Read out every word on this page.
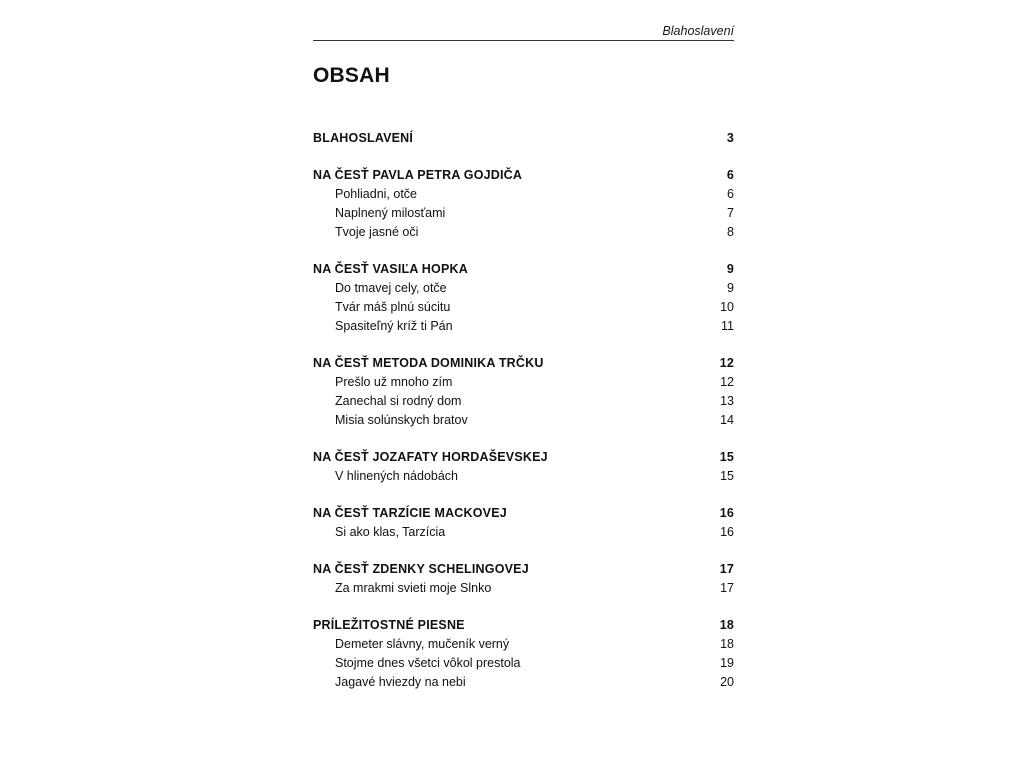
Blahoslavení
OBSAH
BLAHOSLAVENÍ	3
NA ČESŤ PAVLA PETRA GOJDIČA	6
Pohliadni, otče	6
Naplnený milosťami	7
Tvoje jasné oči	8
NA ČESŤ VASIĽA HOPKA	9
Do tmavej cely, otče	9
Tvár máš plnú súcitu	10
Spasiteľný kríž ti Pán	11
NA ČESŤ METODA DOMINIKA TRČKU	12
Prešlo už mnoho zím	12
Zanechal si rodný dom	13
Misia solúnskych bratov	14
NA ČESŤ JOZAFATY HORDAŠEVSKEJ	15
V hlinených nádobách	15
NA ČESŤ TARZÍCIE MACKOVEJ	16
Si ako klas, Tarzícia	16
NA ČESŤ ZDENKY SCHELINGOVEJ	17
Za mrakmi svieti moje Slnko	17
PRÍLEŽITOSTNÉ PIESNE	18
Demeter slávny, mučeník verný	18
Stojme dnes všetci vôkol prestola	19
Jagavé hviezdy na nebi	20
